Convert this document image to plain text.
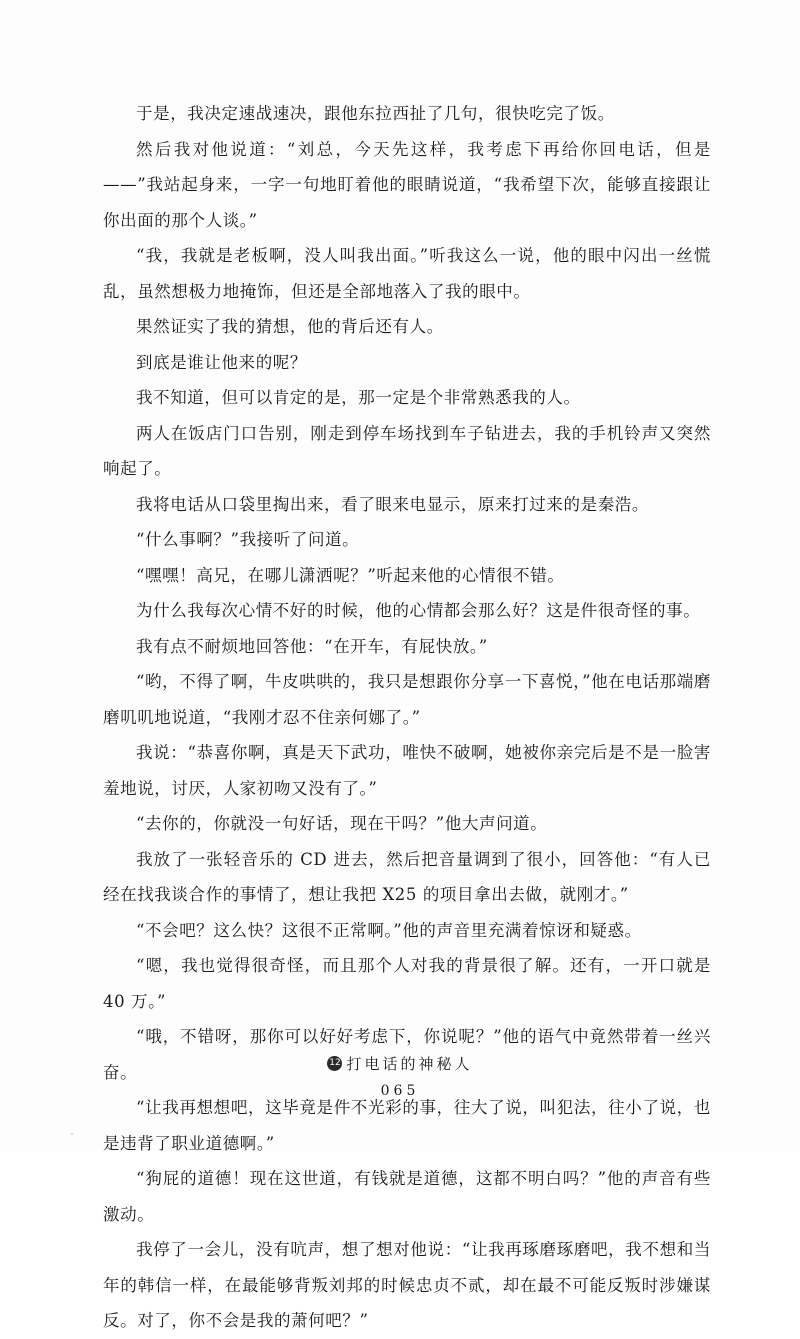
于是，我决定速战速决，跟他东拉西扯了几句，很快吃完了饭。

然后我对他说道：“刘总，今天先这样，我考虑下再给你回电话，但是——”我站起身来，一字一句地盯着他的眼睛说道，“我希望下次，能够直接跟让你出面的那个人谈。”

“我，我就是老板啊，没人叫我出面。”听我这么一说，他的眼中闪出一丝慌乱，虽然想极力地掩饰，但还是全部地落入了我的眼中。

果然证实了我的猜想，他的背后还有人。

到底是谁让他来的呢？

我不知道，但可以肯定的是，那一定是个非常熟悉我的人。

两人在饭店门口告别，刚走到停车场找到车子钻进去，我的手机铃声又突然响起了。

我将电话从口袋里掏出来，看了眼来电显示，原来打过来的是秦浩。

“什么事啊？”我接听了问道。

“嘿嘿！高兄，在哪儿潇洒呢？”听起来他的心情很不错。

为什么我每次心情不好的时候，他的心情都会那么好？这是件很奇怪的事。

我有点不耐烦地回答他：“在开车，有屁快放。”

“哟，不得了啊，牛皮哄哄的，我只是想跟你分享一下喜悦，”他在电话那端磨磨叽叽地说道，“我刚才忍不住亲何娜了。”

我说：“恭喜你啊，真是天下武功，唯快不破啊，她被你亲完后是不是一脸害羞地说，讨厌，人家初吻又没有了。”

“去你的，你就没一句好话，现在干吗？”他大声问道。

我放了一张轻音乐的 CD 进去，然后把音量调到了很小，回答他：“有人已经在找我谈合作的事情了，想让我把 X25 的项目拿出去做，就刚才。”

“不会吧？这么快？这很不正常啊。”他的声音里充满着惊讶和疑惑。

“嗯，我也觉得很奇怪，而且那个人对我的背景很了解。还有，一开口就是 40 万。”

“哦，不错呀，那你可以好好考虑下，你说呢？”他的语气中竟然带着一丝兴奋。

“让我再想想吧，这毕竟是件不光彩的事，往大了说，叫犯法，往小了说，也是违背了职业道德啊。”

“狗屁的道德！现在这世道，有钱就是道德，这都不明白吗？”他的声音有些激动。

我停了一会儿，没有吭声，想了想对他说：“让我再琢磨琢磨吧，我不想和当年的韩信一样，在最能够背叛刘邦的时候忠贞不贰，却在最不可能反叛时涉嫌谋反。对了，你不会是我的萧何吧？”

12 打电话的神秘人
065
